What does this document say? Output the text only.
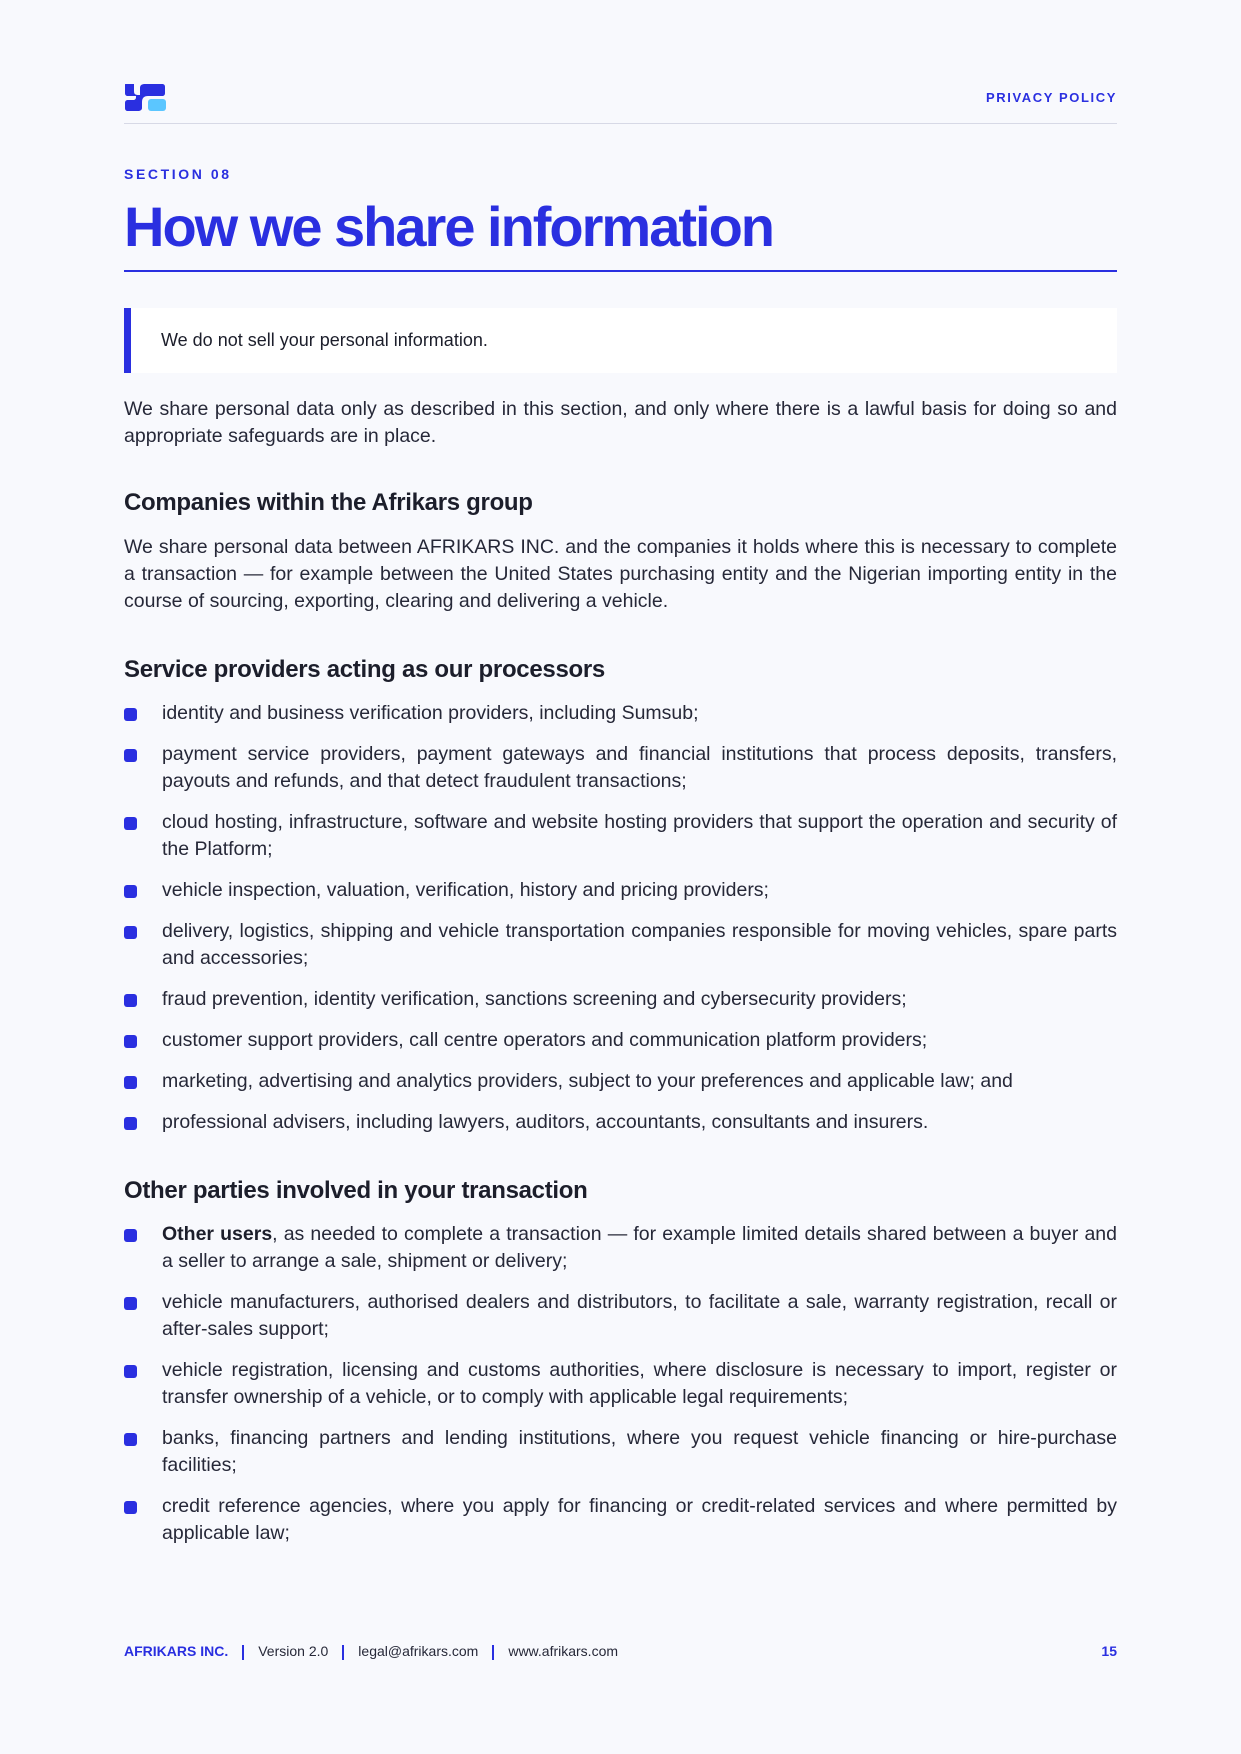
PRIVACY POLICY
SECTION 08
How we share information
We do not sell your personal information.

We share personal data only as described in this section, and only where there is a lawful basis for doing so and appropriate safeguards are in place.

Companies within the Afrikars group

We share personal data between AFRIKARS INC. and the companies it holds where this is necessary to complete a transaction — for example between the United States purchasing entity and the Nigerian importing entity in the course of sourcing, exporting, clearing and delivering a vehicle.

Service providers acting as our processors
identity and business verification providers, including Sumsub;
payment service providers, payment gateways and financial institutions that process deposits, transfers, payouts and refunds, and that detect fraudulent transactions;
cloud hosting, infrastructure, software and website hosting providers that support the operation and security of the Platform;
vehicle inspection, valuation, verification, history and pricing providers;
delivery, logistics, shipping and vehicle transportation companies responsible for moving vehicles, spare parts and accessories;
fraud prevention, identity verification, sanctions screening and cybersecurity providers;
customer support providers, call centre operators and communication platform providers;
marketing, advertising and analytics providers, subject to your preferences and applicable law; and
professional advisers, including lawyers, auditors, accountants, consultants and insurers.
Other parties involved in your transaction
Other users, as needed to complete a transaction — for example limited details shared between a buyer and a seller to arrange a sale, shipment or delivery;
vehicle manufacturers, authorised dealers and distributors, to facilitate a sale, warranty registration, recall or after-sales support;
vehicle registration, licensing and customs authorities, where disclosure is necessary to import, register or transfer ownership of a vehicle, or to comply with applicable legal requirements;
banks, financing partners and lending institutions, where you request vehicle financing or hire-purchase facilities;
credit reference agencies, where you apply for financing or credit-related services and where permitted by applicable law;
AFRIKARS INC. Version 2.0 legal@afrikars.com www.afrikars.com	15
